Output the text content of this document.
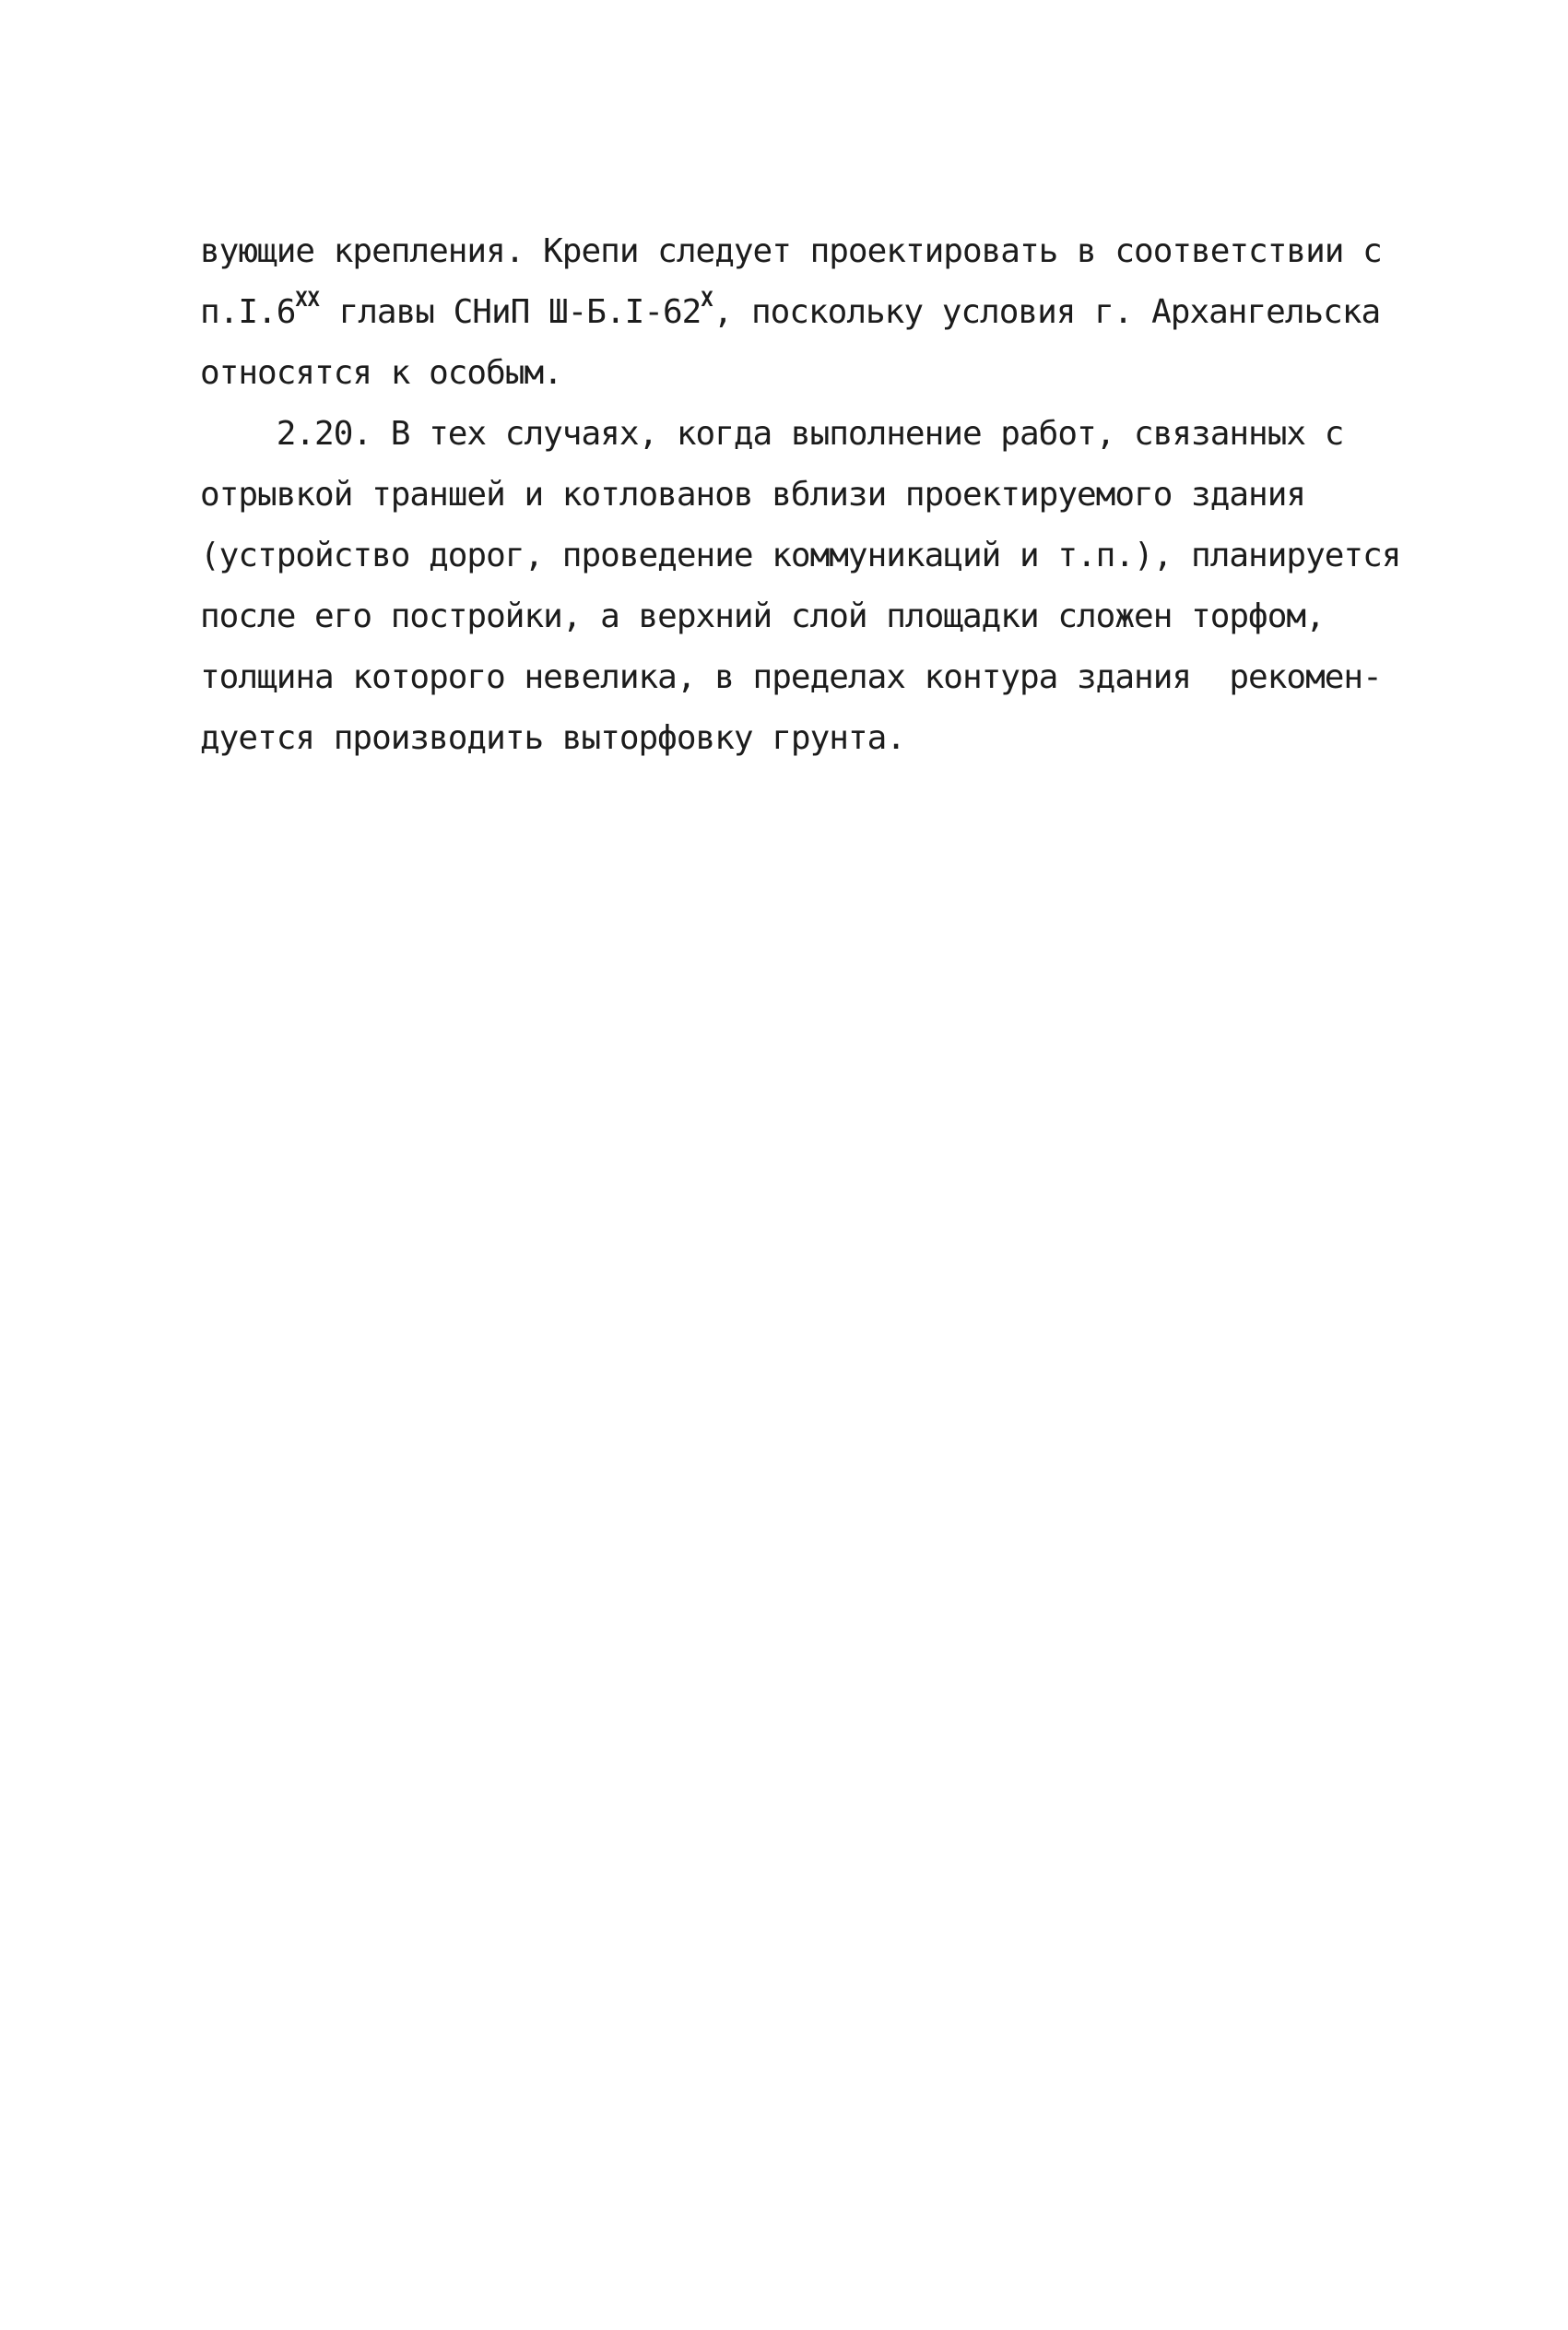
вующие крепления. Крепи следует проектировать в соответствии с
$п.I.6^{XX}$ главы СНиП $Ш-Б.I-62^X$, поскольку условия г. Архангельска
относятся к особым.
2.20. В тех случаях, когда выполнение работ, связанных с
отрывкой траншей и котлованов вблизи проектируемого здания
(устройство дорог, проведение коммуникаций и т.п.), планируется
после его постройки, а верхний слой площадки сложен торфом,
толщина которого невелика, в пределах контура здания  рекомен-
дуется производить выторфовку грунта.
